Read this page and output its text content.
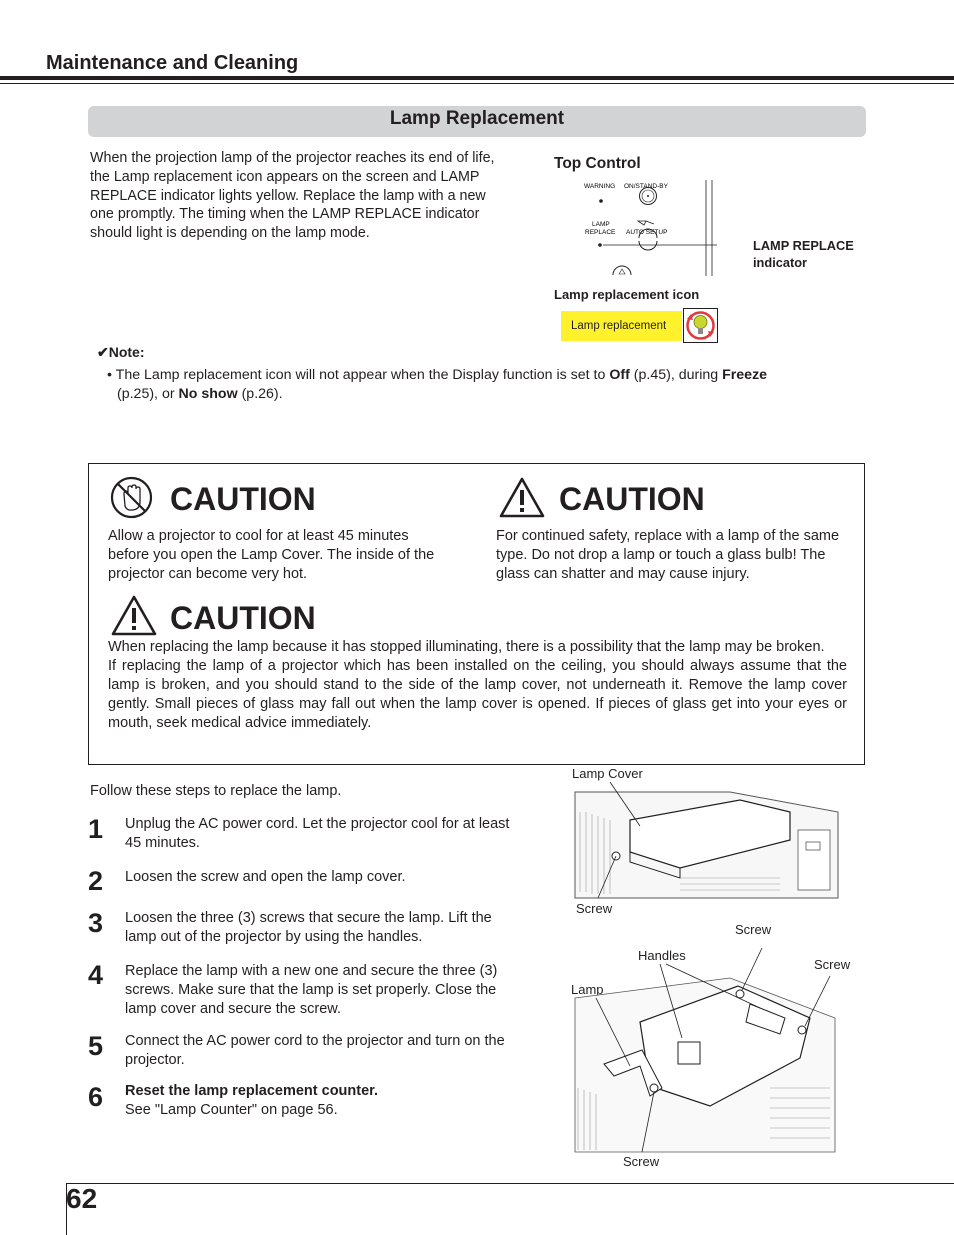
Maintenance and Cleaning
Lamp Replacement
When the projection lamp of the projector reaches its end of life, the Lamp replacement icon appears on the screen and LAMP REPLACE indicator lights yellow. Replace the lamp with a new one promptly. The timing when the LAMP REPLACE indicator should light is depending on the lamp mode.
Top Control
WARNING ON/STAND-BY
LAMP
REPLACE AUTO SETUP
LAMP REPLACE
indicator
Lamp replacement icon
Lamp replacement
✔Note:
• The Lamp replacement icon will not appear when the Display function is set to Off (p.45), during Freeze
(p.25), or No show (p.26).
CAUTION
Allow a projector to cool for at least 45 minutes before you open the Lamp Cover. The inside of the projector can become very hot.
CAUTION
For continued safety, replace with a lamp of the same type. Do not drop a lamp or touch a glass bulb! The glass can shatter and may cause injury.
CAUTION
When replacing the lamp because it has stopped illuminating, there is a possibility that the lamp may be broken.
If replacing the lamp of a projector which has been installed on the ceiling, you should always assume that the lamp is broken, and you should stand to the side of the lamp cover, not underneath it. Remove the lamp cover gently. Small pieces of glass may fall out when the lamp cover is opened. If pieces of glass get into your eyes or mouth, seek medical advice immediately.
Follow these steps to replace the lamp.
1 Unplug the AC power cord. Let the projector cool for at least 45 minutes.
2 Loosen the screw and open the lamp cover.
3 Loosen the three (3) screws that secure the lamp. Lift the lamp out of the projector by using the handles.
4 Replace the lamp with a new one and secure the three (3) screws. Make sure that the lamp is set properly. Close the lamp cover and secure the screw.
5 Connect the AC power cord to the projector and turn on the projector.
6 Reset the lamp replacement counter.
See "Lamp Counter" on page 56.
Lamp Cover
Screw
Screw
Handles
Screw
Lamp
Screw
62
